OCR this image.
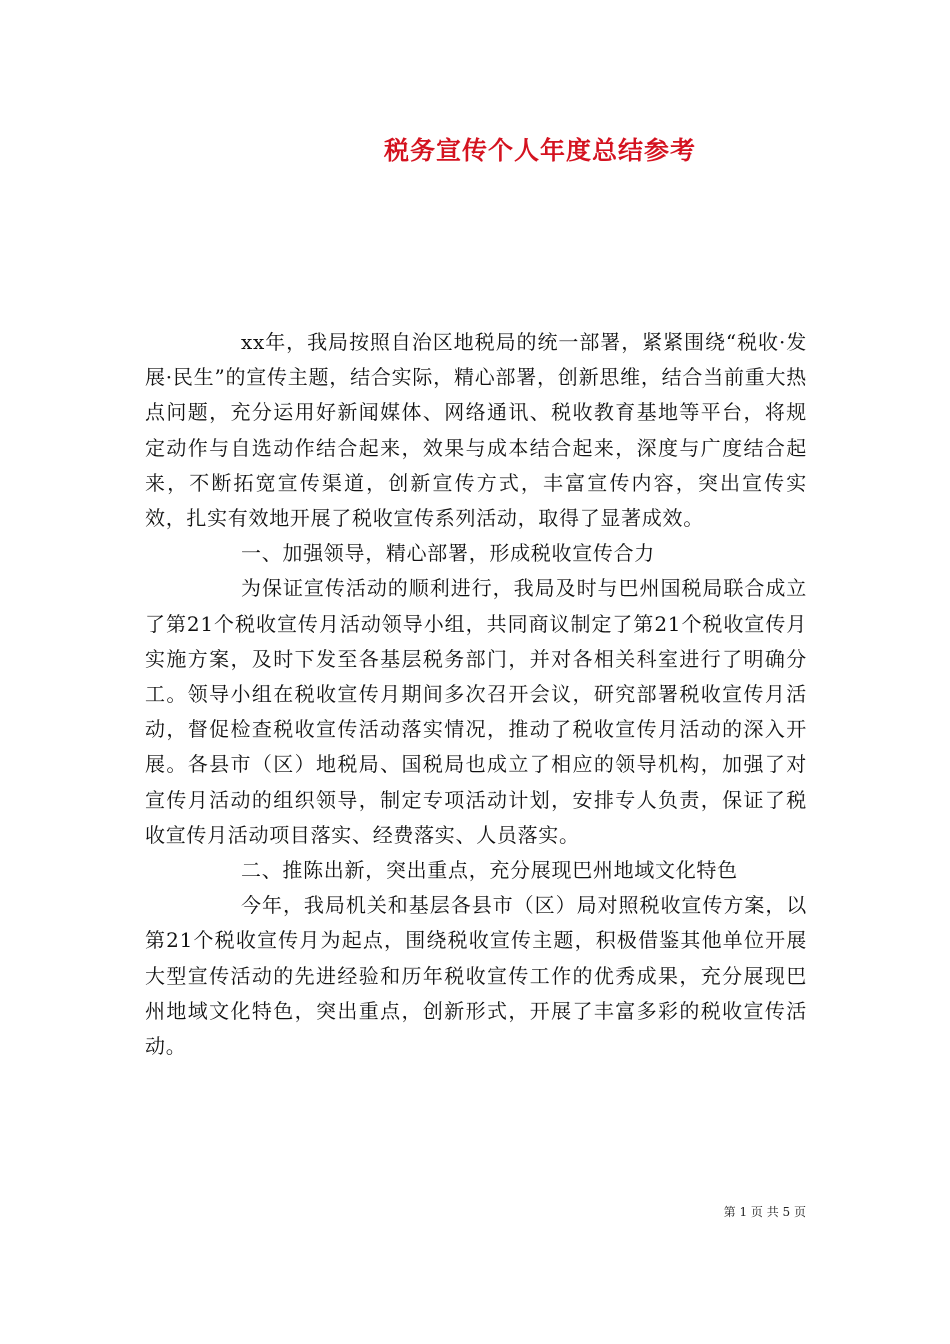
税务宣传个人年度总结参考

xx年，我局按照自治区地税局的统一部署，紧紧围绕“税收·发展·民生”的宣传主题，结合实际，精心部署，创新思维，结合当前重大热点问题，充分运用好新闻媒体、网络通讯、税收教育基地等平台，将规定动作与自选动作结合起来，效果与成本结合起来，深度与广度结合起来，不断拓宽宣传渠道，创新宣传方式，丰富宣传内容，突出宣传实效，扎实有效地开展了税收宣传系列活动，取得了显著成效。

一、加强领导，精心部署，形成税收宣传合力

为保证宣传活动的顺利进行，我局及时与巴州国税局联合成立了第21个税收宣传月活动领导小组，共同商议制定了第21个税收宣传月实施方案，及时下发至各基层税务部门，并对各相关科室进行了明确分工。领导小组在税收宣传月期间多次召开会议，研究部署税收宣传月活动，督促检查税收宣传活动落实情况，推动了税收宣传月活动的深入开展。各县市（区）地税局、国税局也成立了相应的领导机构，加强了对宣传月活动的组织领导，制定专项活动计划，安排专人负责，保证了税收宣传月活动项目落实、经费落实、人员落实。

二、推陈出新，突出重点，充分展现巴州地域文化特色

今年，我局机关和基层各县市（区）局对照税收宣传方案，以第21个税收宣传月为起点，围绕税收宣传主题，积极借鉴其他单位开展大型宣传活动的先进经验和历年税收宣传工作的优秀成果，充分展现巴州地域文化特色，突出重点，创新形式，开展了丰富多彩的税收宣传活动。

第 1 页 共 5 页
